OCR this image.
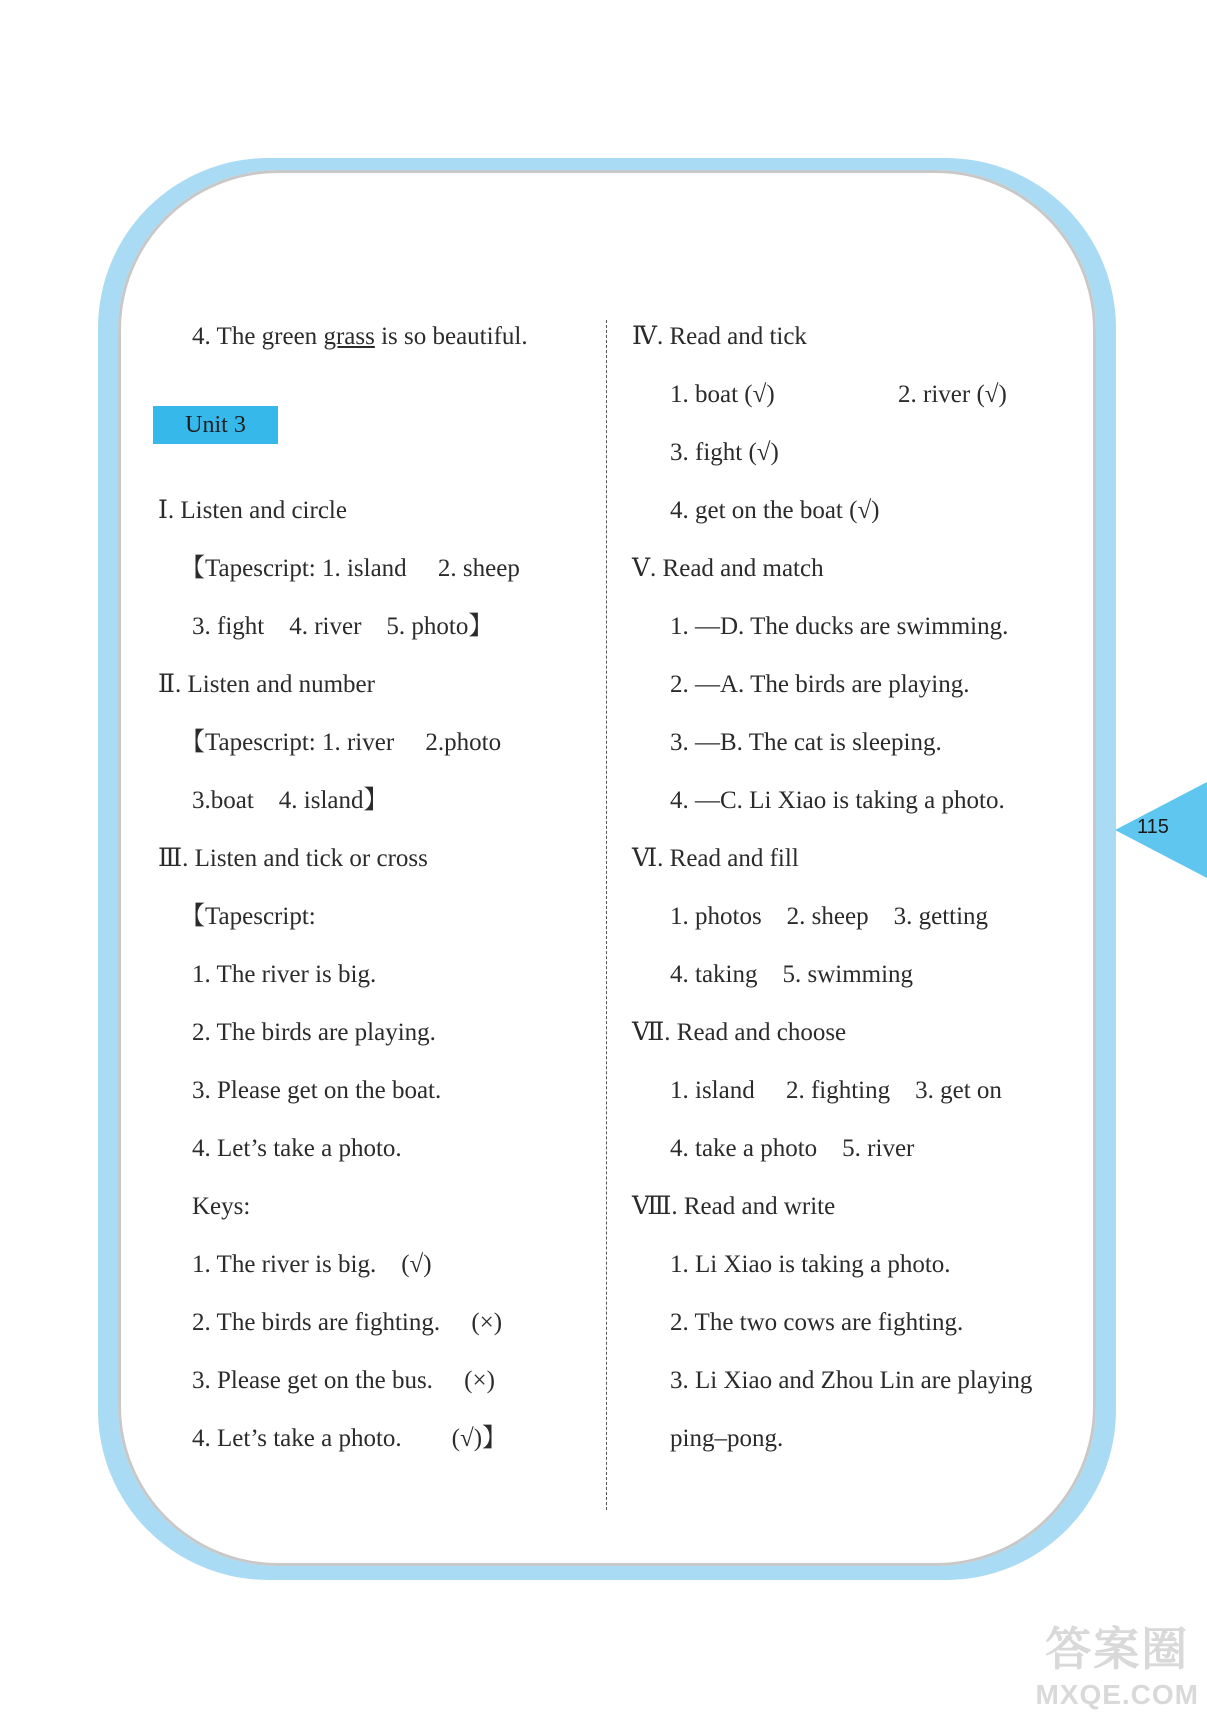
115
4. The green grass is so beautiful.
Unit 3
Ⅰ. Listen and circle
【Tapescript: 1. island　 2. sheep
3. fight　4. river　5. photo】
Ⅱ. Listen and number
【Tapescript: 1. river　 2.photo
3.boat　4. island】
Ⅲ. Listen and tick or cross
【Tapescript:
1. The river is big.
2. The birds are playing.
3. Please get on the boat.
4. Let’s take a photo.
Keys:
1. The river is big.　(√)
2. The birds are fighting.　 (×)
3. Please get on the bus.　 (×)
4. Let’s take a photo.　　(√)】
Ⅳ. Read and tick
1. boat (√)	2. river (√)
3. fight (√)
4. get on the boat (√)
Ⅴ. Read and match
1. —D. The ducks are swimming.
2. —A. The birds are playing.
3. —B. The cat is sleeping.
4. —C. Li Xiao is taking a photo.
Ⅵ. Read and fill
1. photos　2. sheep　3. getting
4. taking　5. swimming
Ⅶ. Read and choose
1. island　 2. fighting　3. get on
4. take a photo　5. river
Ⅷ. Read and write
1. Li Xiao is taking a photo.
2. The two cows are fighting.
3. Li Xiao and Zhou Lin are playing
ping–pong.
答案圈
MXQE.COM
